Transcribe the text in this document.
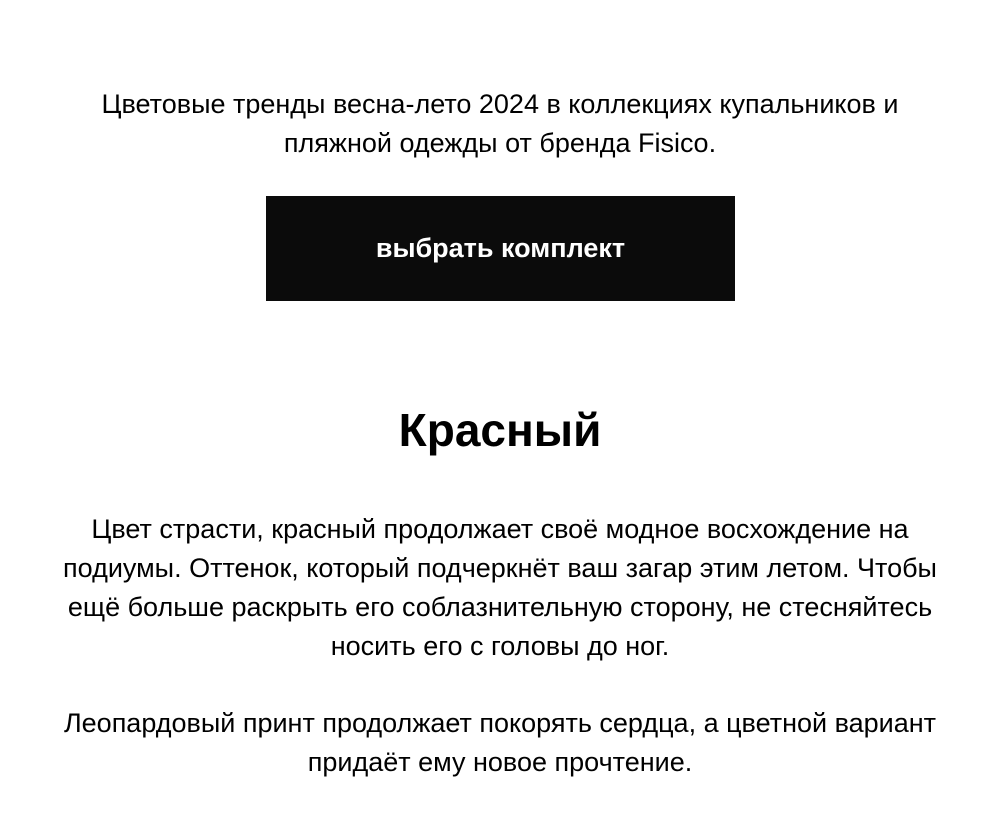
Цветовые тренды весна-лето 2024 в коллекциях купальников и пляжной одежды от бренда Fisico.

выбрать комплект
Красный

Цвет страсти, красный продолжает своё модное восхождение на подиумы. Оттенок, который подчеркнёт ваш загар этим летом. Чтобы ещё больше раскрыть его соблазнительную сторону, не стесняйтесь носить его с головы до ног.

Леопардовый принт продолжает покорять сердца, а цветной вариант придаёт ему новое прочтение.
